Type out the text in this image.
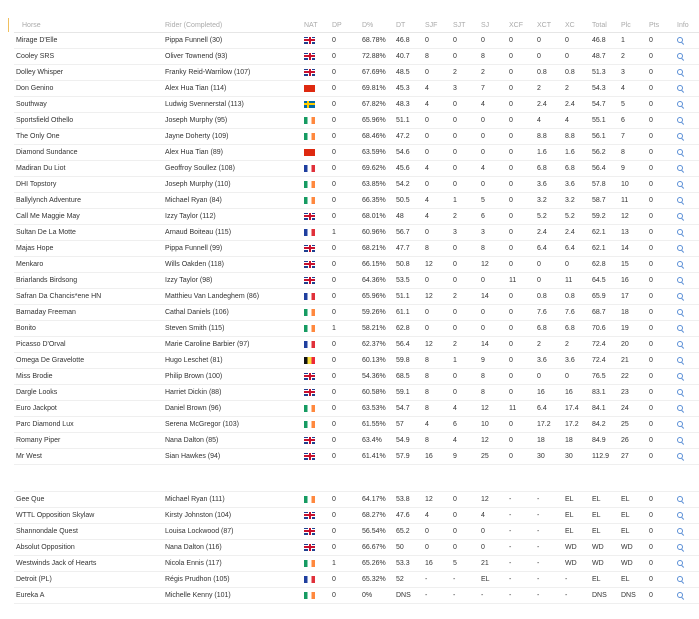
Horse	Rider (Completed)	NAT	DP	D%	DT	SJF	SJT	SJ	XCF	XCT	XC	Total	Plc	Pts	Info
Mirage D'Elle	Pippa Funnell (30)		0	68.78%	46.8	0	0	0	0	0	0	46.8	1	0	
Cooley SRS	Oliver Townend (93)		0	72.88%	40.7	8	0	8	0	0	0	48.7	2	0	
Dolley Whisper	Franky Reid-Warrilow (107)		0	67.69%	48.5	0	2	2	0	0.8	0.8	51.3	3	0	
Don Genino	Alex Hua Tian (114)		0	69.81%	45.3	4	3	7	0	2	2	54.3	4	0	
Southway	Ludwig Svennerstal (113)		0	67.82%	48.3	4	0	4	0	2.4	2.4	54.7	5	0	
Sportsfield Othello	Joseph Murphy (95)		0	65.96%	51.1	0	0	0	0	4	4	55.1	6	0	
The Only One	Jayne Doherty (109)		0	68.46%	47.2	0	0	0	0	8.8	8.8	56.1	7	0	
Diamond Sundance	Alex Hua Tian (89)		0	63.59%	54.6	0	0	0	0	1.6	1.6	56.2	8	0	
Madiran Du Liot	Geoffroy Soullez (108)		0	69.62%	45.6	4	0	4	0	6.8	6.8	56.4	9	0	
DHI Topstory	Joseph Murphy (110)		0	63.85%	54.2	0	0	0	0	3.6	3.6	57.8	10	0	
Ballylynch Adventure	Michael Ryan (84)		0	66.35%	50.5	4	1	5	0	3.2	3.2	58.7	11	0	
Call Me Maggie May	Izzy Taylor (112)		0	68.01%	48	4	2	6	0	5.2	5.2	59.2	12	0	
Sultan De La Motte	Arnaud Boiteau (115)		1	60.96%	56.7	0	3	3	0	2.4	2.4	62.1	13	0	
Majas Hope	Pippa Funnell (99)		0	68.21%	47.7	8	0	8	0	6.4	6.4	62.1	14	0	
Menkaro	Wills Oakden (118)		0	66.15%	50.8	12	0	12	0	0	0	62.8	15	0	
Briarlands Birdsong	Izzy Taylor (98)		0	64.36%	53.5	0	0	0	11	0	11	64.5	16	0	
Safran Da Chancis*ene HN	Matthieu Van Landeghem (86)		0	65.96%	51.1	12	2	14	0	0.8	0.8	65.9	17	0	
Barnaday Freeman	Cathal Daniels (106)		0	59.26%	61.1	0	0	0	0	7.6	7.6	68.7	18	0	
Bonito	Steven Smith (115)		1	58.21%	62.8	0	0	0	0	6.8	6.8	70.6	19	0	
Picasso D'Orval	Marie Caroline Barbier (97)		0	62.37%	56.4	12	2	14	0	2	2	72.4	20	0	
Omega De Gravelotte	Hugo Leschet (81)		0	60.13%	59.8	8	1	9	0	3.6	3.6	72.4	21	0	
Miss Brodie	Philip Brown (100)		0	54.36%	68.5	8	0	8	0	0	0	76.5	22	0	
Dargle Looks	Harriet Dickin (88)		0	60.58%	59.1	8	0	8	0	16	16	83.1	23	0	
Euro Jackpot	Daniel Brown (96)		0	63.53%	54.7	8	4	12	11	6.4	17.4	84.1	24	0	
Parc Diamond Lux	Serena McGregor (103)		0	61.55%	57	4	6	10	0	17.2	17.2	84.2	25	0	
Romany Piper	Nana Dalton (85)		0	63.4%	54.9	8	4	12	0	18	18	84.9	26	0	
Mr West	Sian Hawkes (94)		0	61.41%	57.9	16	9	25	0	30	30	112.9	27	0	

Gee Que	Michael Ryan (111)		0	64.17%	53.8	12	0	12	-	-	EL	EL	EL	0	
WTTL Opposition Skylaw	Kirsty Johnston (104)		0	68.27%	47.6	4	0	4	-	-	EL	EL	EL	0	
Shannondale Quest	Louisa Lockwood (87)		0	56.54%	65.2	0	0	0	-	-	EL	EL	EL	0	
Absolut Opposition	Nana Dalton (116)		0	66.67%	50	0	0	0	-	-	WD	WD	WD	0	
Westwinds Jack of Hearts	Nicola Ennis (117)		1	65.26%	53.3	16	5	21	-	-	WD	WD	WD	0	
Detroit (PL)	Régis Prudhon (105)		0	65.32%	52	-	-	EL	-	-	-	EL	EL	0	
Eureka A	Michelle Kenny (101)		0	0%	DNS	-	-	-	-	-	-	DNS	DNS	0	
